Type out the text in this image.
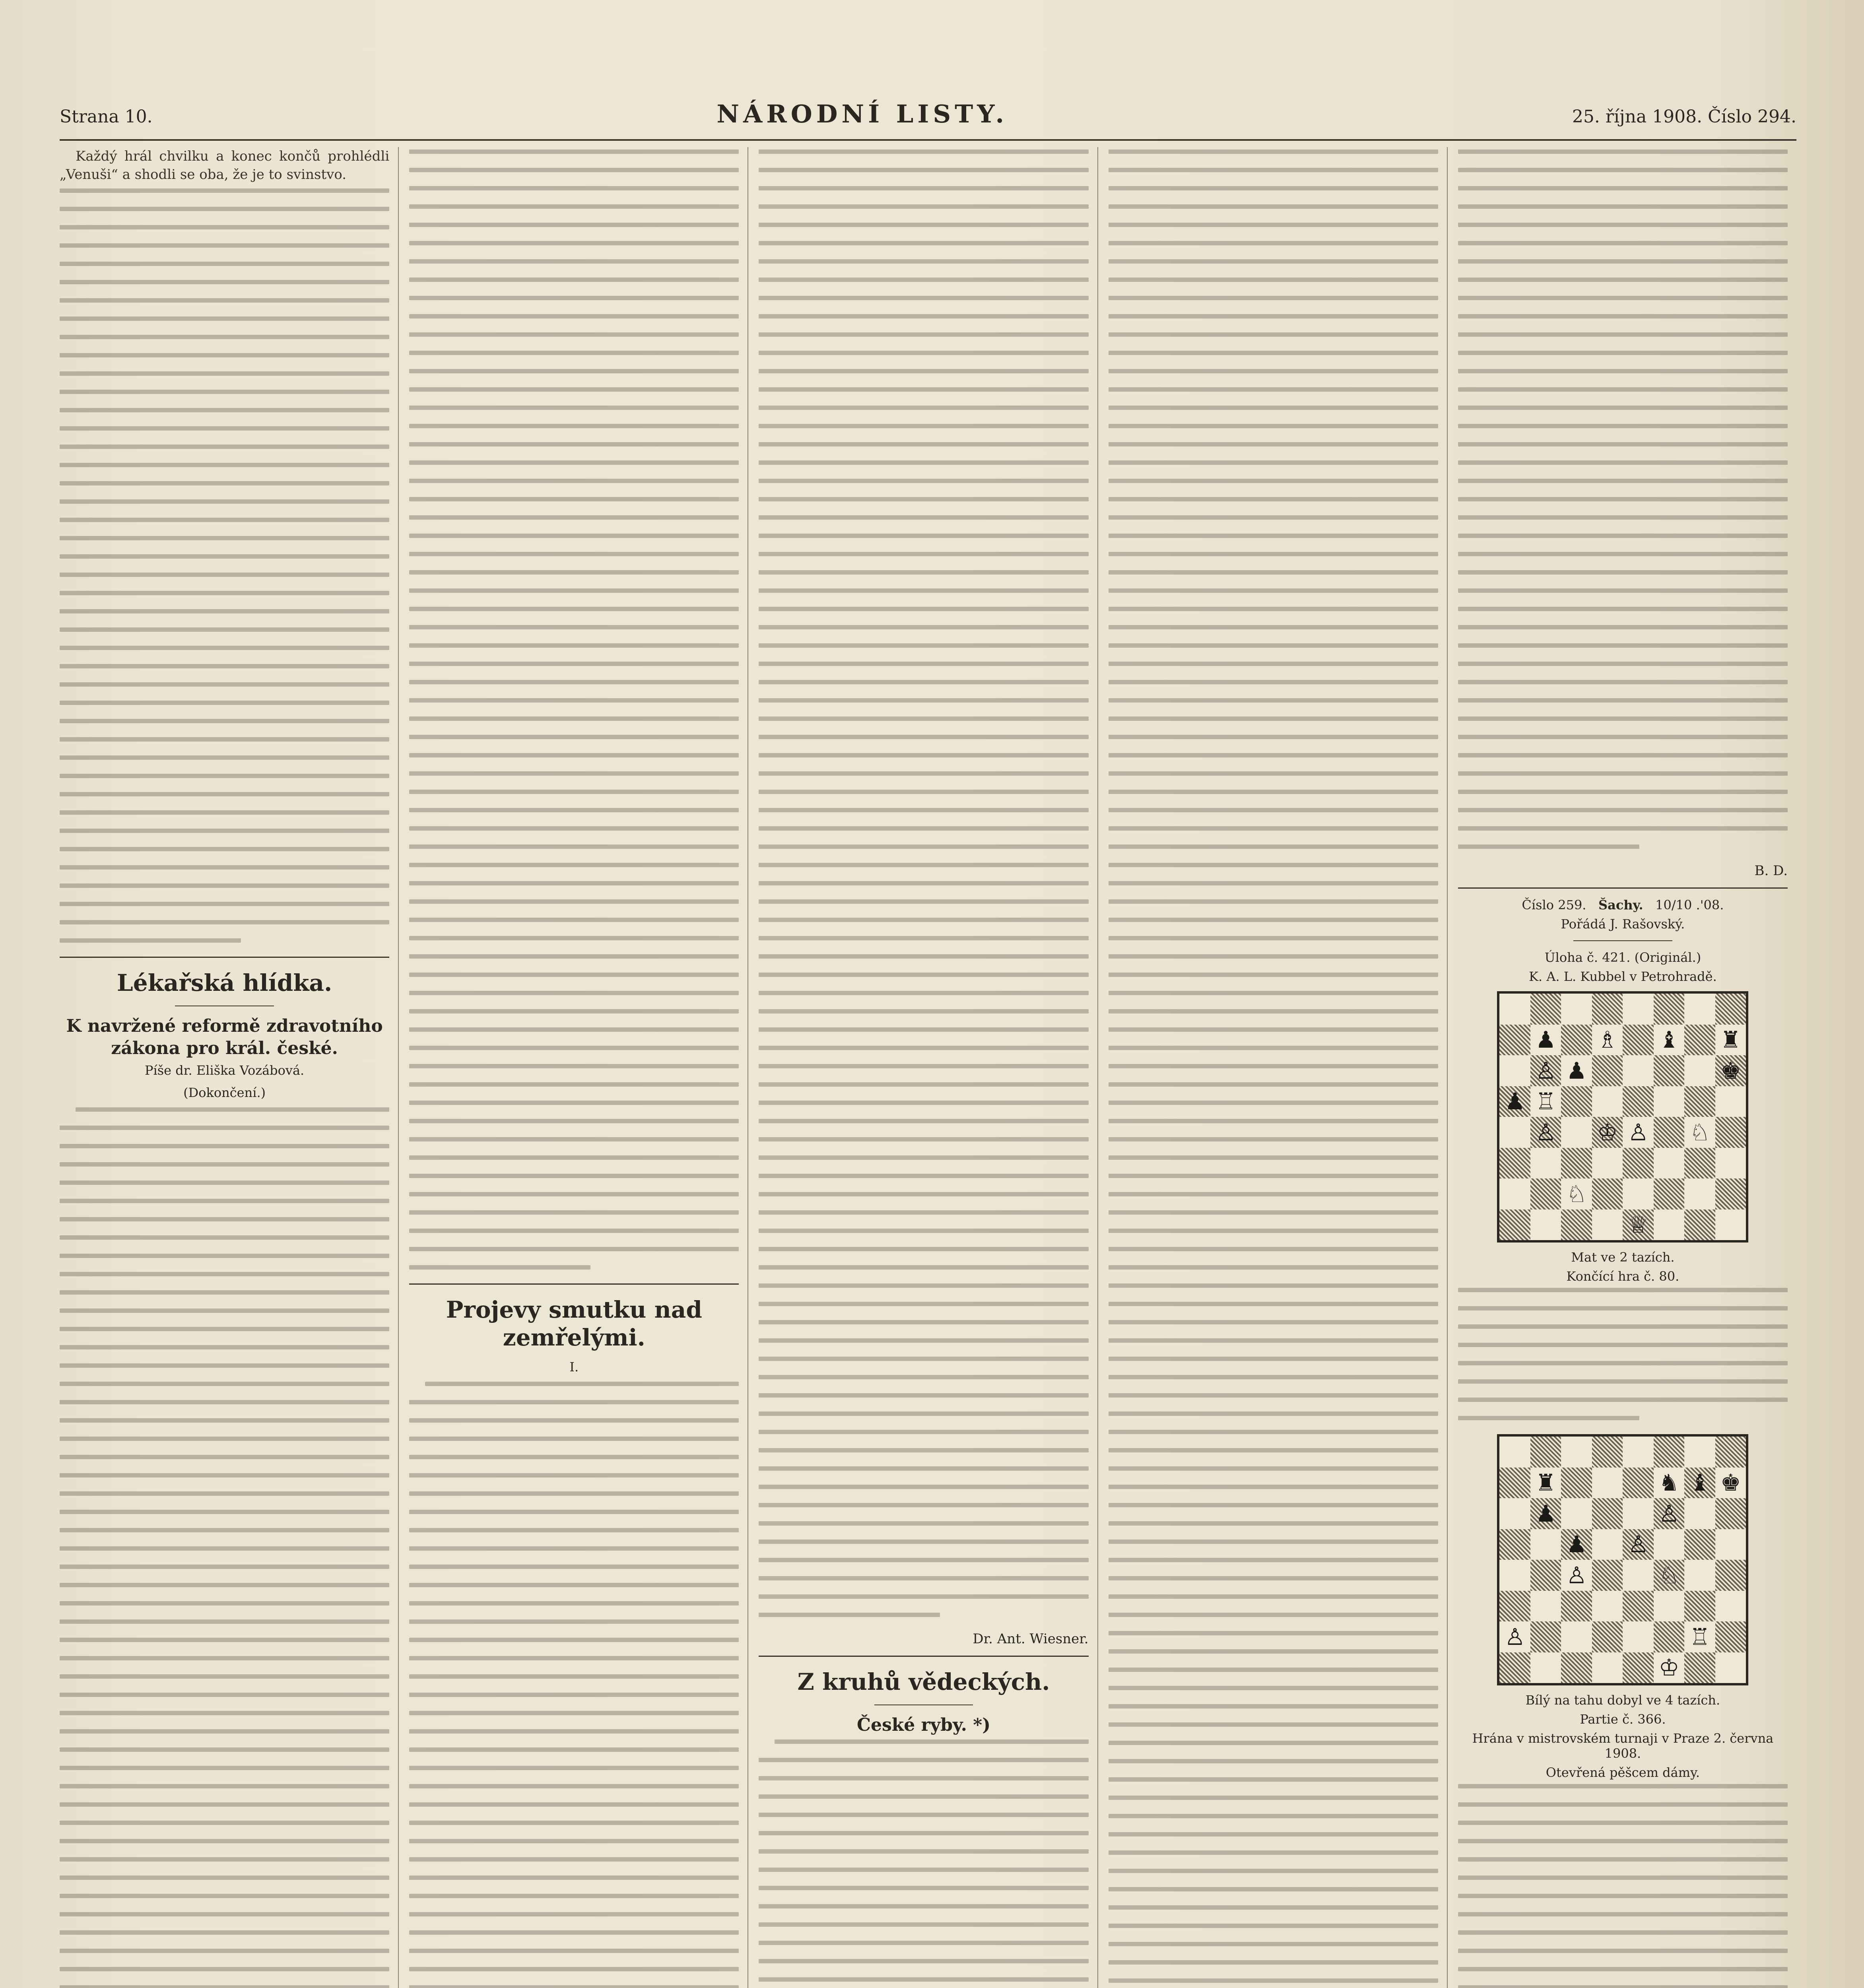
Strana 10.	NÁRODNÍ LISTY.	25. října 1908. Číslo 294.

Každý hrál chvilku a konec končů prohlédli „Venuši“ a shodli se oba, že je to svinstvo.

Lékařská hlídka.
K navržené reformě zdravotního zákona pro král. české.
Píše dr. Eliška Vozábová.
(Dokončení.)
Projevy smutku nad zemřelými.
I.
Dr. Ant. Wiesner.
Z kruhů vědeckých.
České ryby. *)
B. D.
Číslo 259. Šachy. 10/10 .'08.
Pořádá J. Rašovský.
Úloha č. 421. (Originál.)
K. A. L. Kubbel v Petrohradě.
♟ ♗ ♝ ♜
♙ ♟	♚
♟ ♖
♙ ♔ ♙ ♘
♘
♕
Mat ve 2 tazích.
Končící hra č. 80.
♜	♞ ♝ ♚
♟	♙
♟ ♙
♙	♘
♙	♖
♔
Bílý na tahu dobyl ve 4 tazích.
Partie č. 366.
Hrána v mistrovském turnaji v Praze 2. června 1908.
Otevřená pěšcem dámy.
